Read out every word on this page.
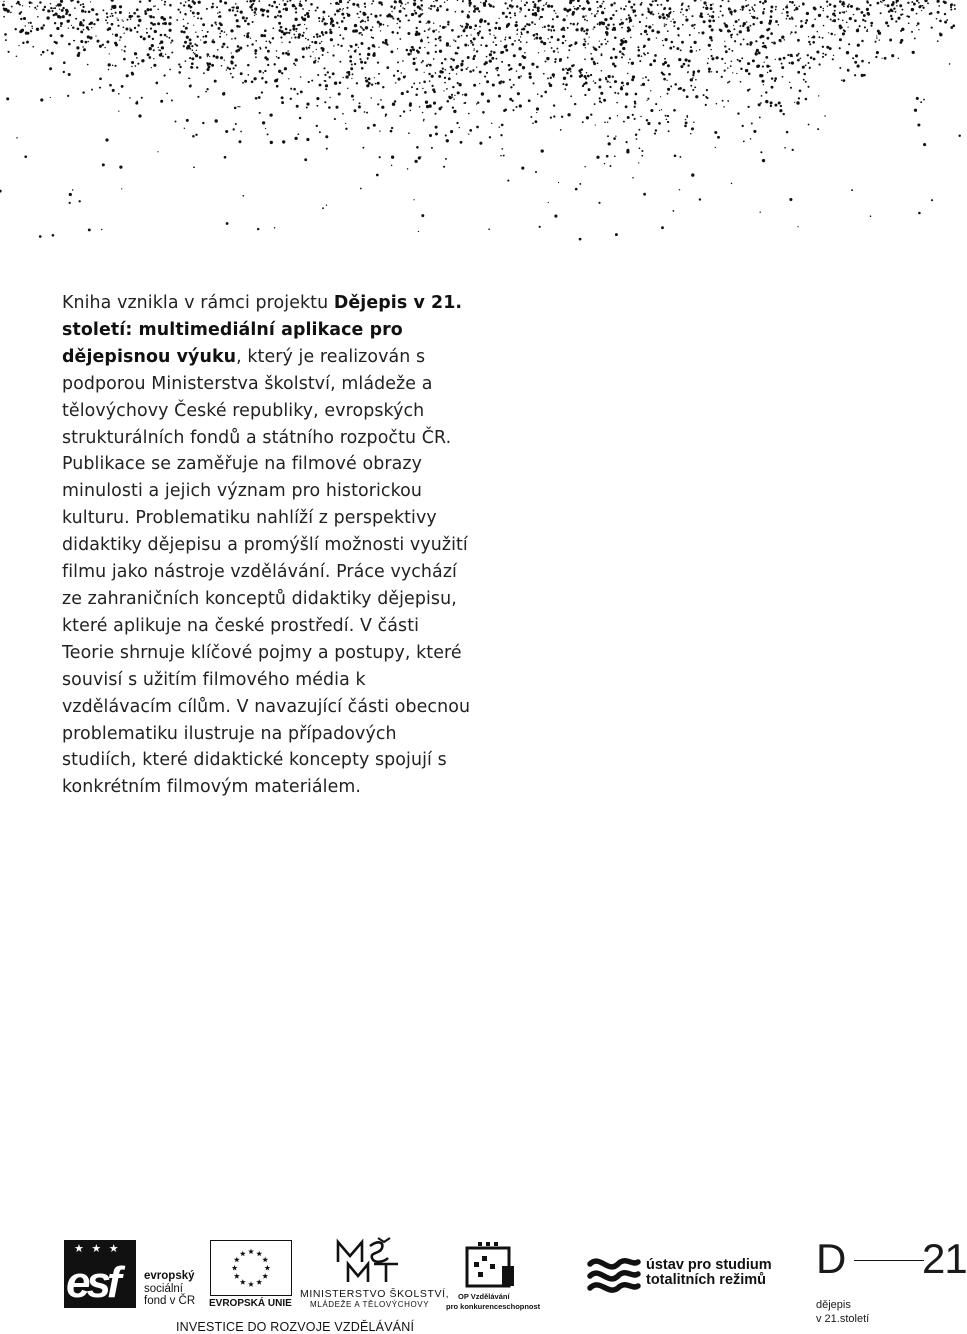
Kniha vznikla v rámci projektu Dějepis v 21. století: multimediální aplikace pro dějepisnou výuku, který je realizován s podporou Ministerstva školství, mládeže a tělovýchovy České republiky, evropských strukturálních fondů a státního rozpočtu ČR. Publikace se zaměřuje na filmové obrazy minulosti a jejich význam pro historickou kulturu. Problematiku nahlíží z perspektivy didaktiky dějepisu a promýšlí možnosti využití filmu jako nástroje vzdělávání. Práce vychází ze zahraničních konceptů didaktiky dějepisu, které aplikuje na české prostředí. V části Teorie shrnuje klíčové pojmy a postupy, které souvisí s užitím filmového média k vzdělávacím cílům. V navazující části obecnou problematiku ilustruje na případových studiích, které didaktické koncepty spojují s konkrétním filmovým materiálem.
★ ★ ★
esf evropský
sociální
fond v ČR EVROPSKÁ UNIE
MINISTERSTVO ŠKOLSTVÍ,
MLÁDEŽE A TĚLOVÝCHOVY
OP Vzdělávání
pro konkurenceschopnost
INVESTICE DO ROZVOJE VZDĚLÁVÁNÍ
ústav pro studium
totalitních režimů D 21
dějepis
v 21.století
